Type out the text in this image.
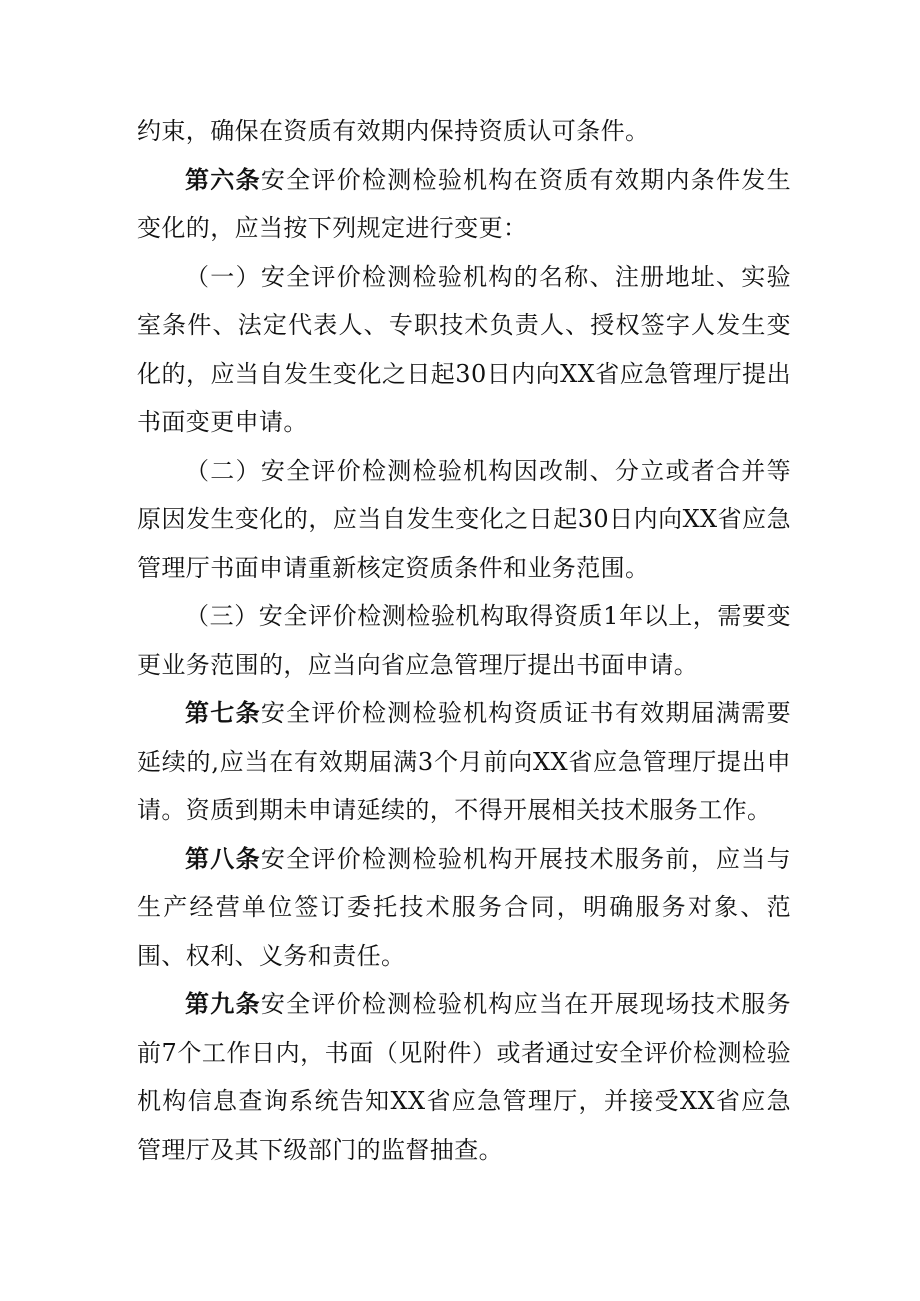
约束，确保在资质有效期内保持资质认可条件。

第六条安全评价检测检验机构在资质有效期内条件发生变化的，应当按下列规定进行变更：

（一）安全评价检测检验机构的名称、注册地址、实验室条件、法定代表人、专职技术负责人、授权签字人发生变化的，应当自发生变化之日起30日内向XX省应急管理厅提出书面变更申请。

（二）安全评价检测检验机构因改制、分立或者合并等原因发生变化的，应当自发生变化之日起30日内向XX省应急管理厅书面申请重新核定资质条件和业务范围。

（三）安全评价检测检验机构取得资质1年以上，需要变更业务范围的，应当向省应急管理厅提出书面申请。

第七条安全评价检测检验机构资质证书有效期届满需要延续的,应当在有效期届满3个月前向XX省应急管理厅提出申请。资质到期未申请延续的，不得开展相关技术服务工作。

第八条安全评价检测检验机构开展技术服务前，应当与生产经营单位签订委托技术服务合同，明确服务对象、范围、权利、义务和责任。

第九条安全评价检测检验机构应当在开展现场技术服务前7个工作日内，书面（见附件）或者通过安全评价检测检验机构信息查询系统告知XX省应急管理厅，并接受XX省应急管理厅及其下级部门的监督抽查。
